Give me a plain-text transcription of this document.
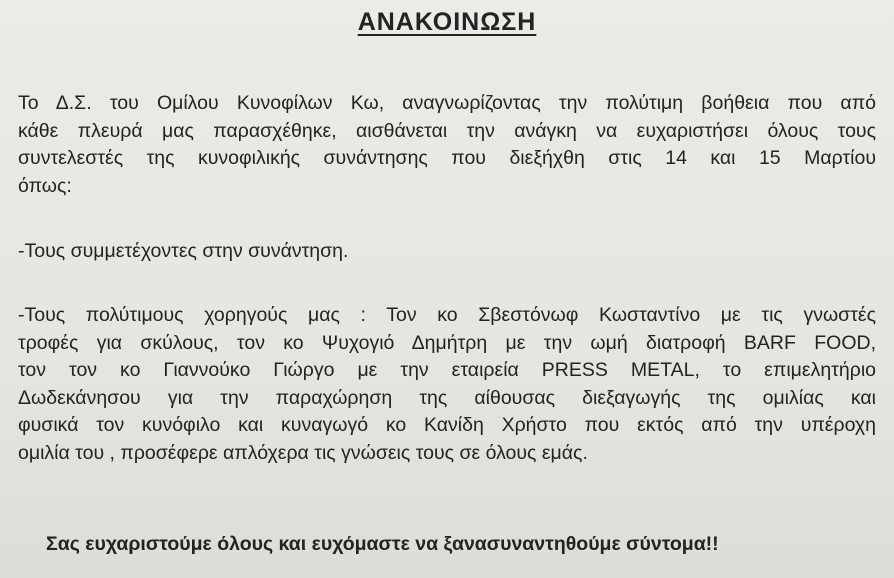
ΑΝΑΚΟΙΝΩΣΗ
Το Δ.Σ. του Ομίλου Κυνοφίλων Κω, αναγνωρίζοντας την πολύτιμη βοήθεια που από
κάθε πλευρά μας παρασχέθηκε, αισθάνεται την ανάγκη να ευχαριστήσει όλους τους
συντελεστές της κυνοφιλικής συνάντησης που διεξήχθη στις 14 και 15 Μαρτίου
όπως:
-Τους συμμετέχοντες στην συνάντηση.
-Τους πολύτιμους χορηγούς μας : Τον κο Σβεστόνωφ Κωσταντίνο με τις γνωστές
τροφές για σκύλους, τον κο Ψυχογιό Δημήτρη με την ωμή διατροφή BARF FOOD,
τον τον κο Γιαννούκο Γιώργο με την εταιρεία PRESS METAL, το επιμελητήριο
Δωδεκάνησου για την παραχώρηση της αίθουσας διεξαγωγής της ομιλίας και
φυσικά τον κυνόφιλο και κυναγωγό κο Κανίδη Χρήστο που εκτός από την υπέροχη
ομιλία του , προσέφερε απλόχερα τις γνώσεις τους σε όλους εμάς.
Σας ευχαριστούμε όλους και ευχόμαστε να ξανασυναντηθούμε σύντομα!!
